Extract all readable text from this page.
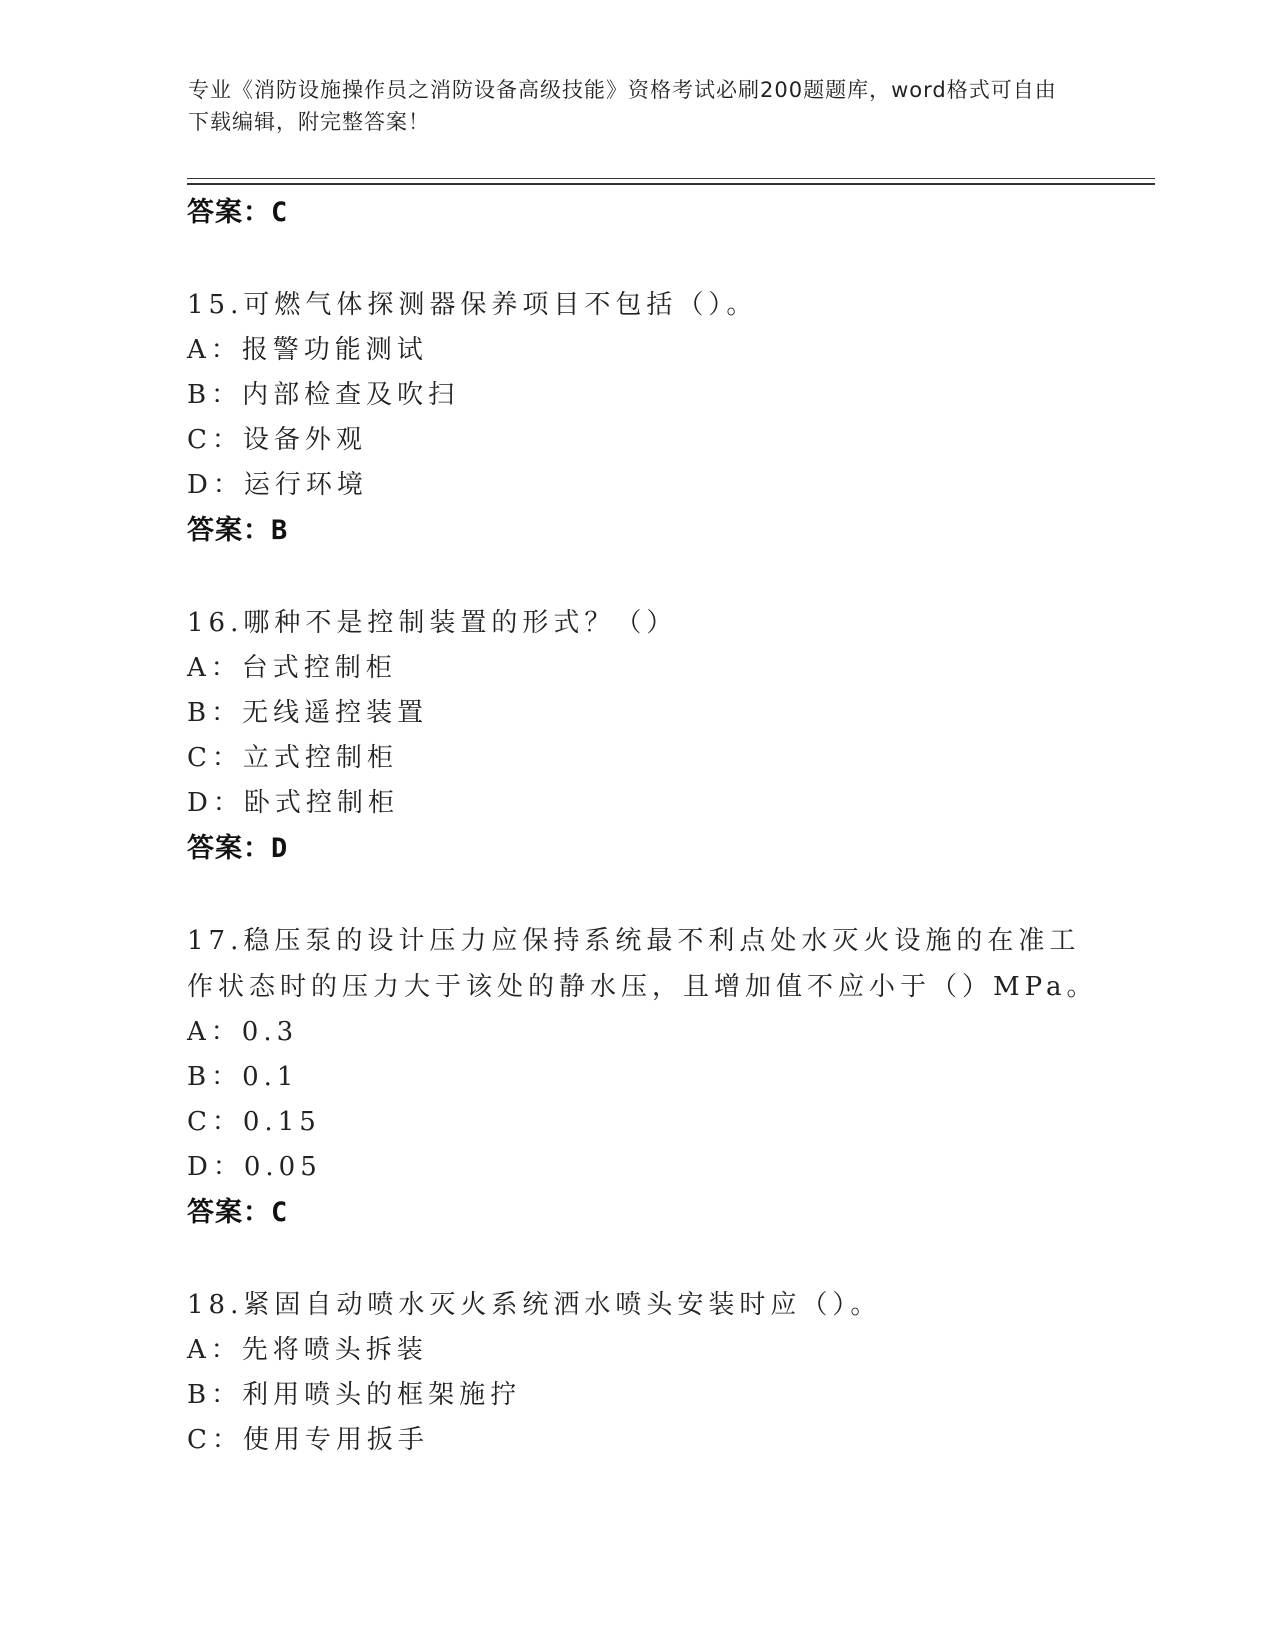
专业《消防设施操作员之消防设备高级技能》资格考试必刷200题题库，word格式可自由下载编辑，附完整答案！
答案：C
15.可燃气体探测器保养项目不包括（）。
A：报警功能测试
B：内部检查及吹扫
C：设备外观
D：运行环境
答案：B
16.哪种不是控制装置的形式？（）
A：台式控制柜
B：无线遥控装置
C：立式控制柜
D：卧式控制柜
答案：D
17.稳压泵的设计压力应保持系统最不利点处水灭火设施的在准工作状态时的压力大于该处的静水压，且增加值不应小于（）MPa。
A：0.3
B：0.1
C：0.15
D：0.05
答案：C
18.紧固自动喷水灭火系统洒水喷头安装时应（）。
A：先将喷头拆装
B：利用喷头的框架施拧
C：使用专用扳手
